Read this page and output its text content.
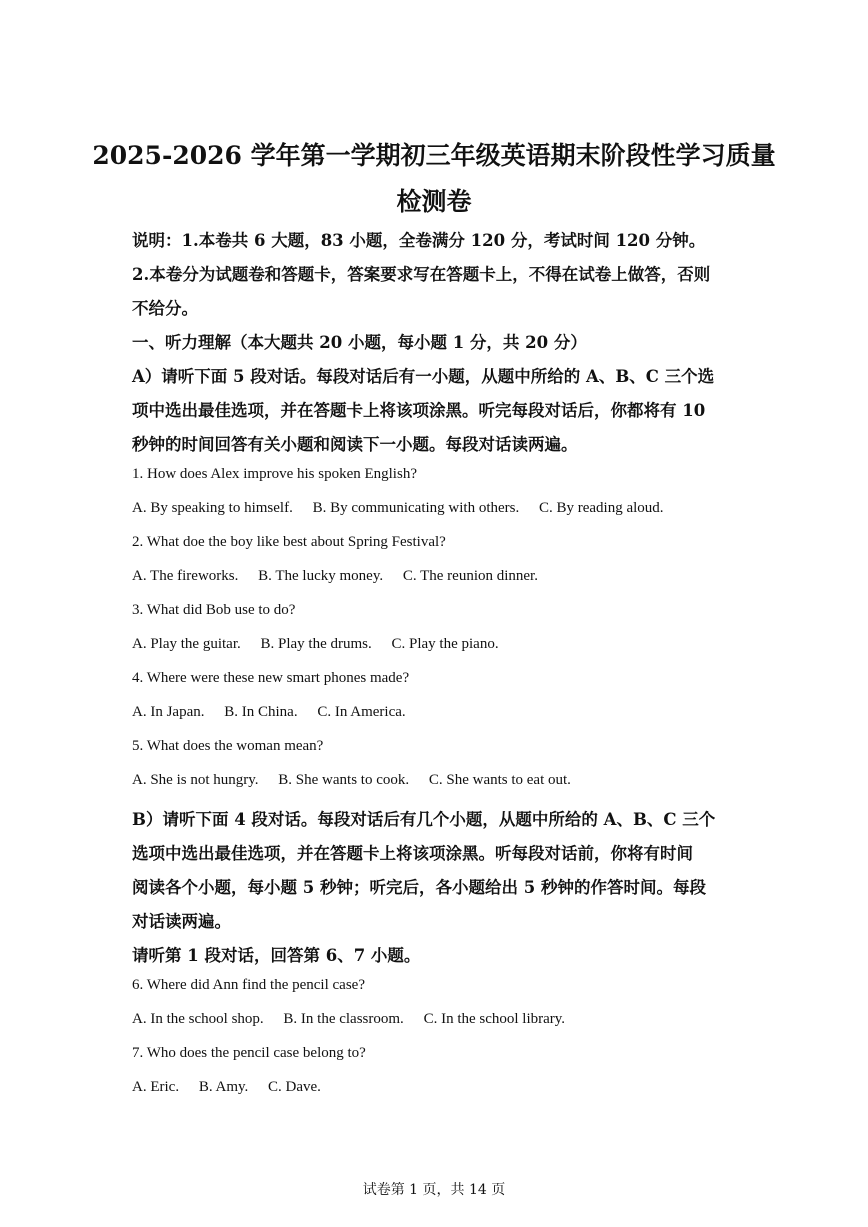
2025-2026 学年第一学期初三年级英语期末阶段性学习质量
检测卷
说明：1.本卷共 6 大题，83 小题，全卷满分 120 分，考试时间 120 分钟。
2.本卷分为试题卷和答题卡，答案要求写在答题卡上，不得在试卷上做答，否则
不给分。
一、听力理解（本大题共 20 小题，每小题 1 分，共 20 分）
A）请听下面 5 段对话。每段对话后有一小题，从题中所给的 A、B、C 三个选
项中选出最佳选项，并在答题卡上将该项涂黑。听完每段对话后，你都将有 10
秒钟的时间回答有关小题和阅读下一小题。每段对话读两遍。
1. How does Alex improve his spoken English?
A. By speaking to himself. B. By communicating with others. C. By reading aloud.
2. What doe the boy like best about Spring Festival?
A. The fireworks. B. The lucky money. C. The reunion dinner.
3. What did Bob use to do?
A. Play the guitar. B. Play the drums. C. Play the piano.
4. Where were these new smart phones made?
A. In Japan. B. In China. C. In America.
5. What does the woman mean?
A. She is not hungry. B. She wants to cook. C. She wants to eat out.
B）请听下面 4 段对话。每段对话后有几个小题，从题中所给的 A、B、C 三个
选项中选出最佳选项，并在答题卡上将该项涂黑。听每段对话前，你将有时间
阅读各个小题，每小题 5 秒钟；听完后，各小题给出 5 秒钟的作答时间。每段
对话读两遍。
请听第 1 段对话，回答第 6、7 小题。
6. Where did Ann find the pencil case?
A. In the school shop. B. In the classroom. C. In the school library.
7. Who does the pencil case belong to?
A. Eric. B. Amy. C. Dave.
试卷第 1 页，共 14 页
